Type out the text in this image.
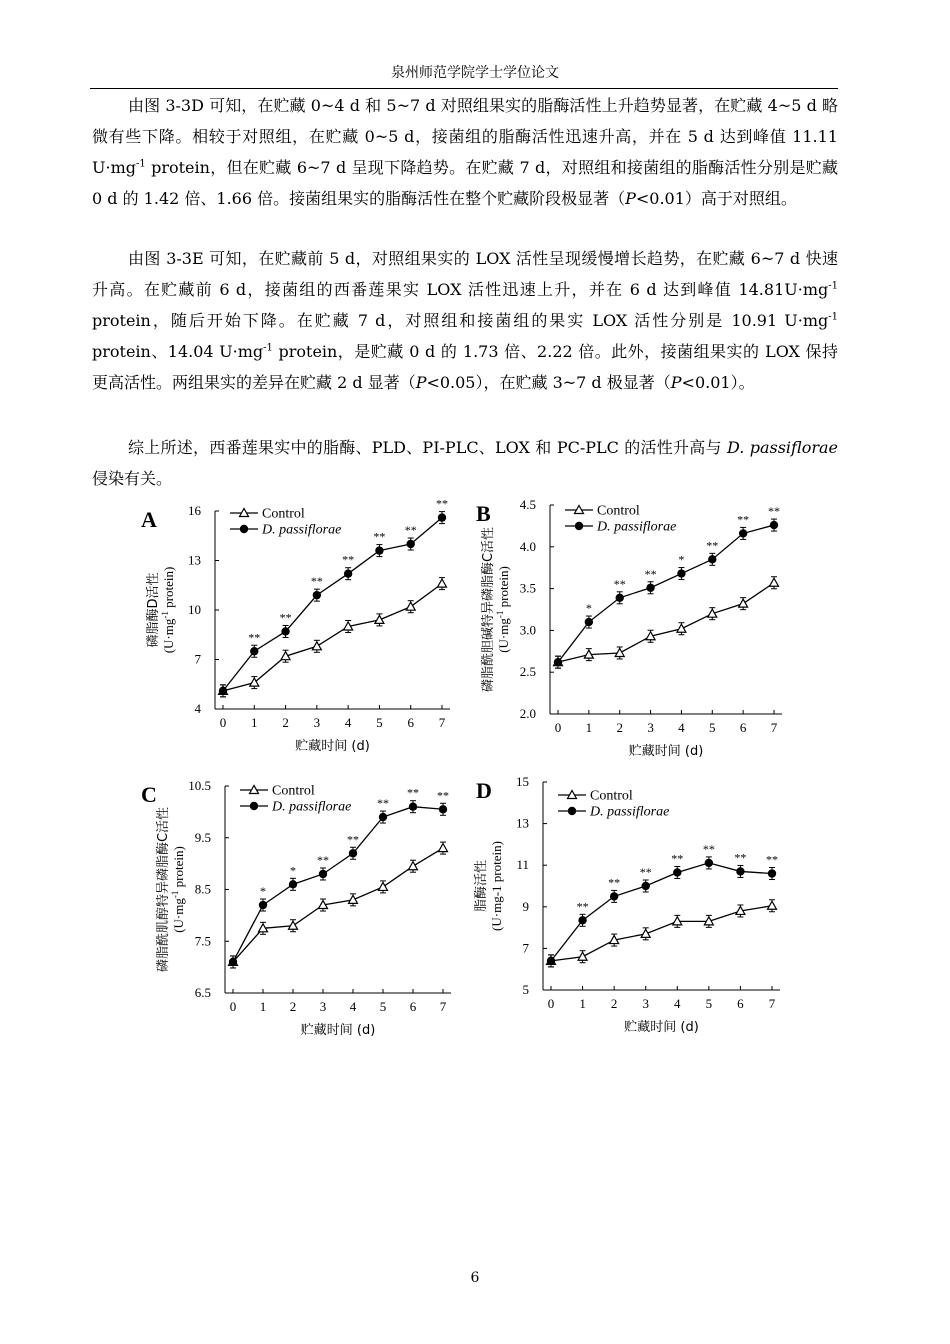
泉州师范学院学士学位论文
由图 3-3D 可知，在贮藏 0~4 d 和 5~7 d 对照组果实的脂酶活性上升趋势显著，在贮藏 4~5 d 略微有些下降。相较于对照组，在贮藏 0~5 d，接菌组的脂酶活性迅速升高，并在 5 d 达到峰值 11.11 $U\cdot mg^{-1}$ protein，但在贮藏 6~7 d 呈现下降趋势。在贮藏 7 d，对照组和接菌组的脂酶活性分别是贮藏 0 d 的 1.42 倍、1.66 倍。接菌组果实的脂酶活性在整个贮藏阶段极显著（P<0.01）高于对照组。
由图 3-3E 可知，在贮藏前 5 d，对照组果实的 LOX 活性呈现缓慢增长趋势，在贮藏 6~7 d 快速升高。在贮藏前 6 d，接菌组的西番莲果实 LOX 活性迅速上升，并在 6 d 达到峰值 $14.81U\cdot mg^{-1}$ protein，随后开始下降。在贮藏 7 d，对照组和接菌组的果实 LOX 活性分别是 10.91 $U\cdot mg^{-1}$ protein、14.04 $U\cdot mg^{-1}$ protein，是贮藏 0 d 的 1.73 倍、2.22 倍。此外，接菌组果实的 LOX 保持更高活性。两组果实的差异在贮藏 2 d 显著（P<0.05），在贮藏 3~7 d 极显著（P<0.01）。
综上所述，西番莲果实中的脂酶、PLD、PI-PLC、LOX 和 PC-PLC 的活性升高与 D. passiflorae 侵染有关。
A
4
7
10
13
16
0 1 2 3 4 5 6 7
贮藏时间 (d)
磷脂酶D活性 ($U\cdot mg^{-1}$ protein)
**
**
**
**
** **
**
Control
D. passiflorae
B
2.0
2.5
3.0
3.5
4.0
4.5
0 1 2 3 4 5 6 7
贮藏时间 (d)
磷脂酰胆碱特异磷脂酶C活性 ($U\cdot mg^{-1}$ protein)	*
**
**
*
**
**
**
Control
D. passiflorae
C
6.5
7.5
8.5
9.5
10.5
0 1 2 3 4 5 6 7
贮藏时间 (d)
磷脂酰肌醇特异磷脂酶C活性 ($U\cdot mg^{-1}$ protein)
*
*
**
**
**
** **
Control
D. passiflorae
D
5
7
9
11
13
15
0 1 2 3 4 5 6 7
贮藏时间 (d)
脂酶活性 (U·mg-1 protein)	**
**
**
**
**
** **
Control
D. passiflorae
6
